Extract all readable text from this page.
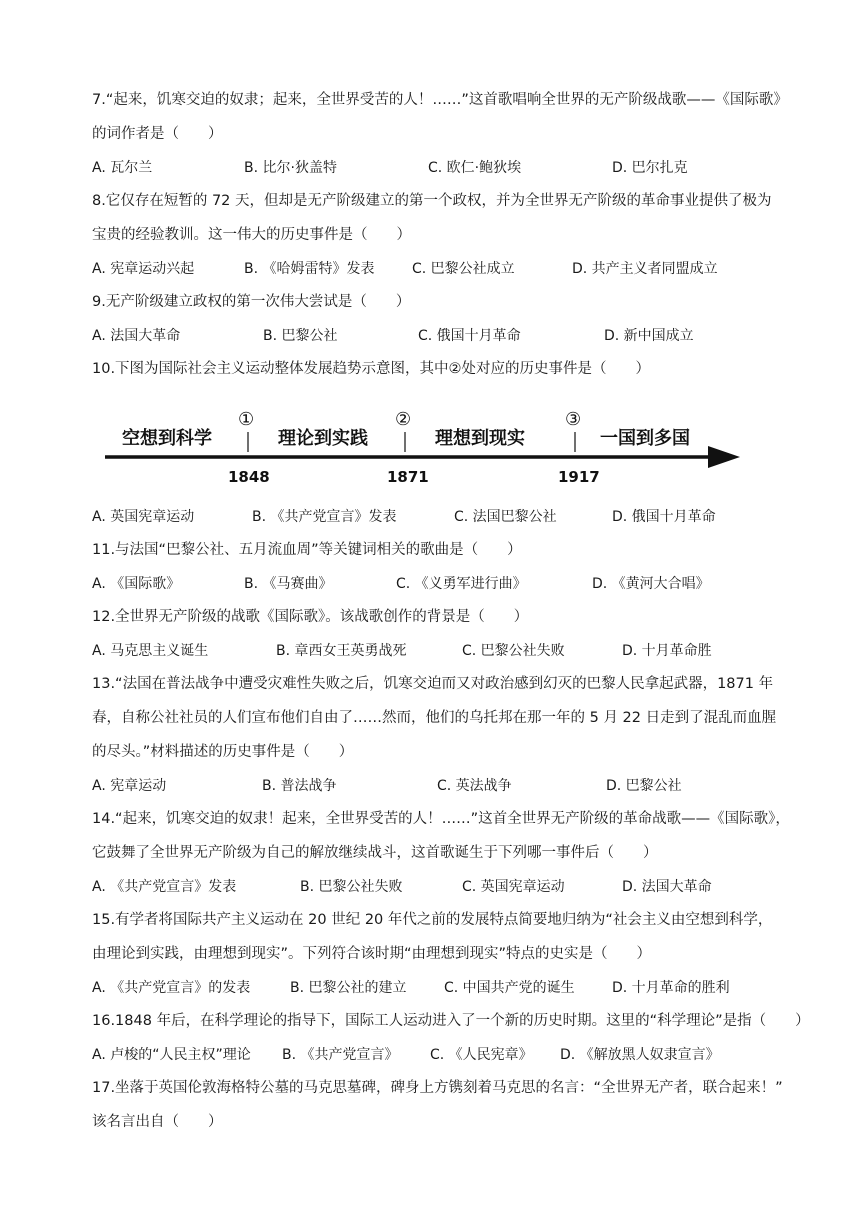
7.“起来，饥寒交迫的奴隶；起来，全世界受苦的人！……”这首歌唱响全世界的无产阶级战歌——《国际歌》
的词作者是（　　）
A. 瓦尔兰	B. 比尔·狄盖特	C. 欧仁·鲍狄埃	D. 巴尔扎克
8.它仅存在短暂的 72 天，但却是无产阶级建立的第一个政权，并为全世界无产阶级的革命事业提供了极为
宝贵的经验教训。这一伟大的历史事件是（　　）
A. 宪章运动兴起	B. 《哈姆雷特》发表	C. 巴黎公社成立	D. 共产主义者同盟成立
9.无产阶级建立政权的第一次伟大尝试是（　　）
A. 法国大革命	B. 巴黎公社	C. 俄国十月革命	D. 新中国成立
10.下图为国际社会主义运动整体发展趋势示意图，其中②处对应的历史事件是（　　）
空想到科学	理论到实践	理想到现实	一国到多国
①	②	③
1848	1871	1917
A. 英国宪章运动	B. 《共产党宣言》发表	C. 法国巴黎公社	D. 俄国十月革命
11.与法国“巴黎公社、五月流血周”等关键词相关的歌曲是（　　）
A. 《国际歌》	B. 《马赛曲》	C. 《义勇军进行曲》	D. 《黄河大合唱》
12.全世界无产阶级的战歌《国际歌》。该战歌创作的背景是（　　）
A. 马克思主义诞生	B. 章西女王英勇战死	C. 巴黎公社失败	D. 十月革命胜
13.“法国在普法战争中遭受灾难性失败之后，饥寒交迫而又对政治感到幻灭的巴黎人民拿起武器，1871 年
春，自称公社社员的人们宣布他们自由了……然而，他们的乌托邦在那一年的 5 月 22 日走到了混乱而血腥
的尽头。”材料描述的历史事件是（　　）
A. 宪章运动	B. 普法战争	C. 英法战争	D. 巴黎公社
14.“起来，饥寒交迫的奴隶！起来，全世界受苦的人！……”这首全世界无产阶级的革命战歌——《国际歌》，
它鼓舞了全世界无产阶级为自己的解放继续战斗，这首歌诞生于下列哪一事件后（　　）
A. 《共产党宣言》发表	B. 巴黎公社失败	C. 英国宪章运动	D. 法国大革命
15.有学者将国际共产主义运动在 20 世纪 20 年代之前的发展特点简要地归纳为“社会主义由空想到科学，
由理论到实践，由理想到现实”。下列符合该时期“由理想到现实”特点的史实是（　　）
A. 《共产党宣言》的发表	B. 巴黎公社的建立	C. 中国共产党的诞生	D. 十月革命的胜利
16.1848 年后，在科学理论的指导下，国际工人运动进入了一个新的历史时期。这里的“科学理论”是指（　　）
A. 卢梭的“人民主权”理论 B. 《共产党宣言》 C. 《人民宪章》 D. 《解放黑人奴隶宣言》
17.坐落于英国伦敦海格特公墓的马克思墓碑，碑身上方镌刻着马克思的名言：“全世界无产者，联合起来！”
该名言出自（　　）
